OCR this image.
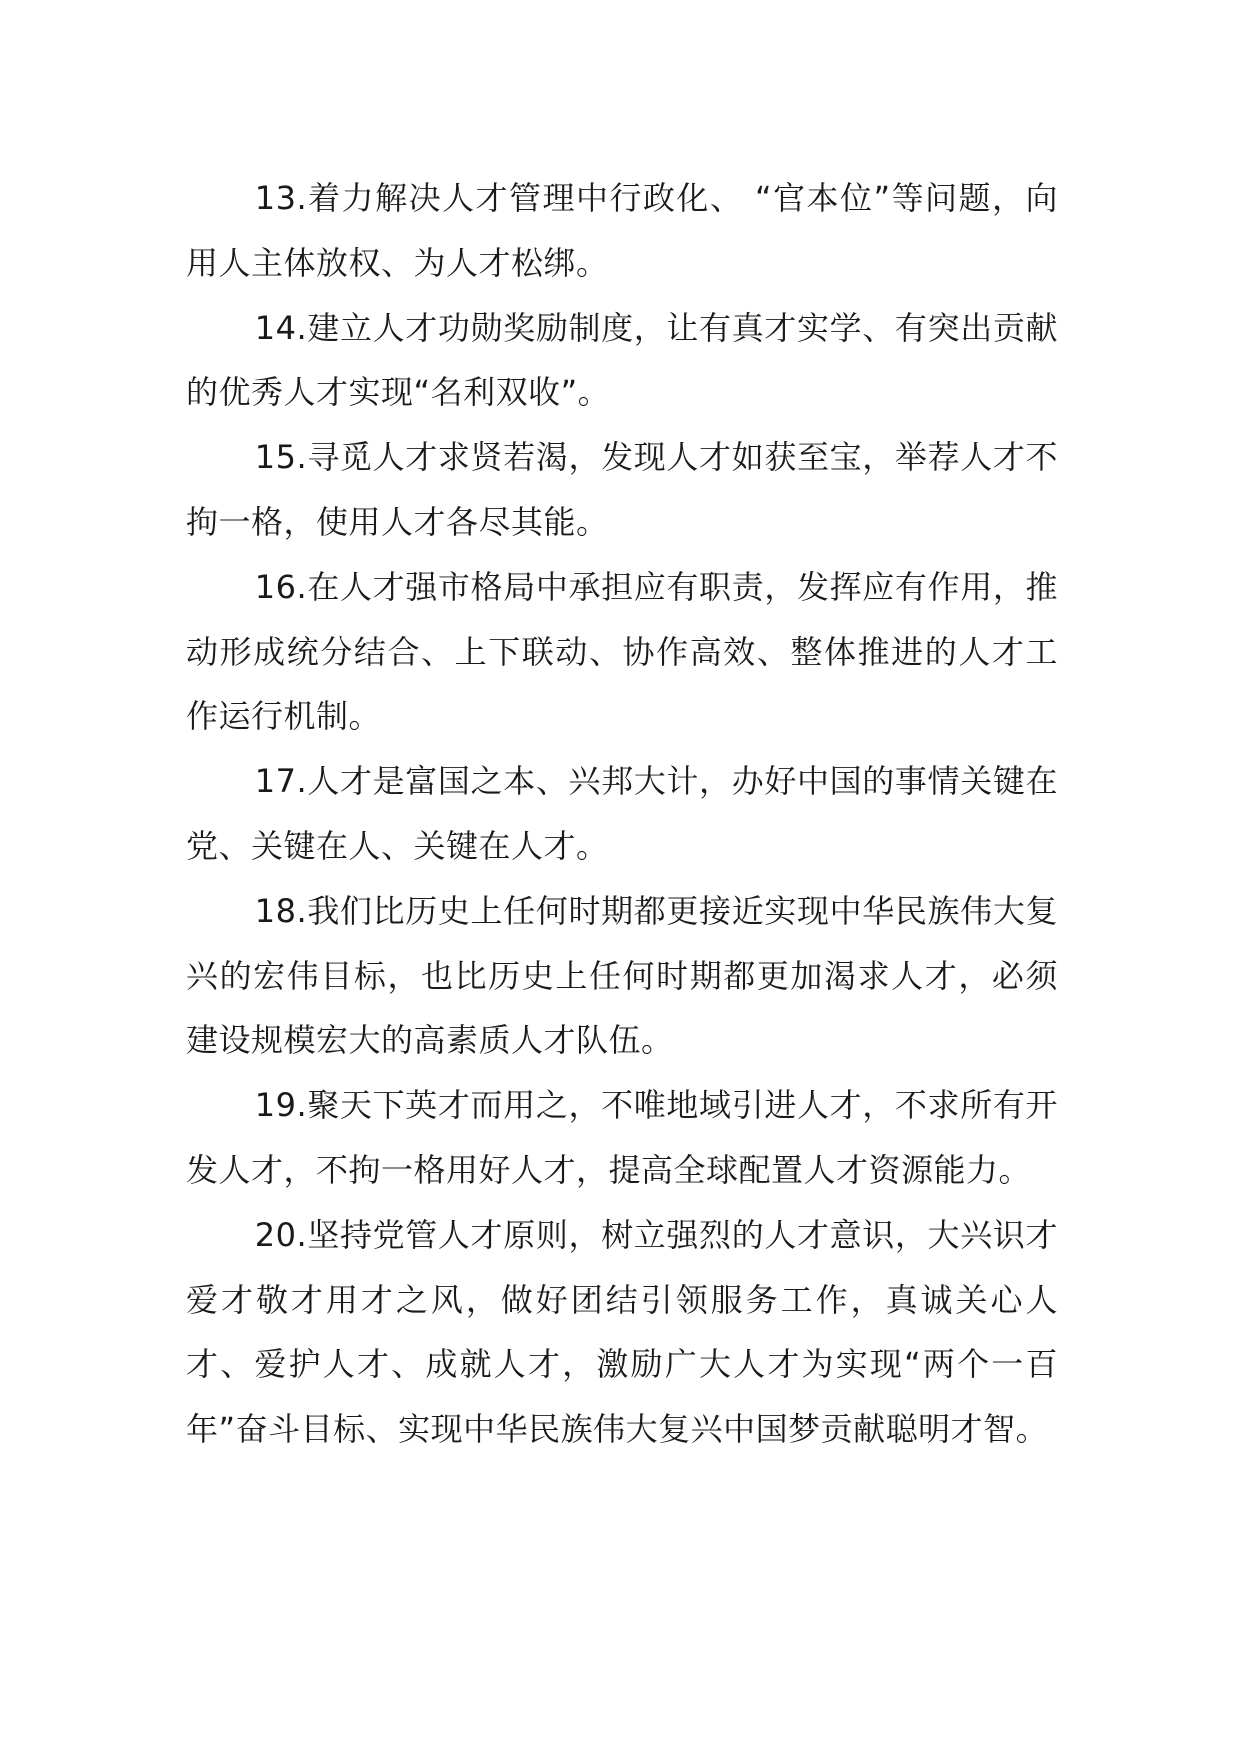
13.着力解决人才管理中行政化、 “官本位”等问题，向用人主体放权、为人才松绑。

14.建立人才功勋奖励制度，让有真才实学、有突出贡献的优秀人才实现“名利双收”。

15.寻觅人才求贤若渴，发现人才如获至宝，举荐人才不拘一格，使用人才各尽其能。

16.在人才强市格局中承担应有职责，发挥应有作用，推动形成统分结合、上下联动、协作高效、整体推进的人才工作运行机制。

17.人才是富国之本、兴邦大计，办好中国的事情关键在党、关键在人、关键在人才。

18.我们比历史上任何时期都更接近实现中华民族伟大复兴的宏伟目标，也比历史上任何时期都更加渴求人才，必须建设规模宏大的高素质人才队伍。

19.聚天下英才而用之，不唯地域引进人才，不求所有开发人才，不拘一格用好人才，提高全球配置人才资源能力。

20.坚持党管人才原则，树立强烈的人才意识，大兴识才爱才敬才用才之风，做好团结引领服务工作，真诚关心人才、爱护人才、成就人才，激励广大人才为实现“两个一百年”奋斗目标、实现中华民族伟大复兴中国梦贡献聪明才智。
